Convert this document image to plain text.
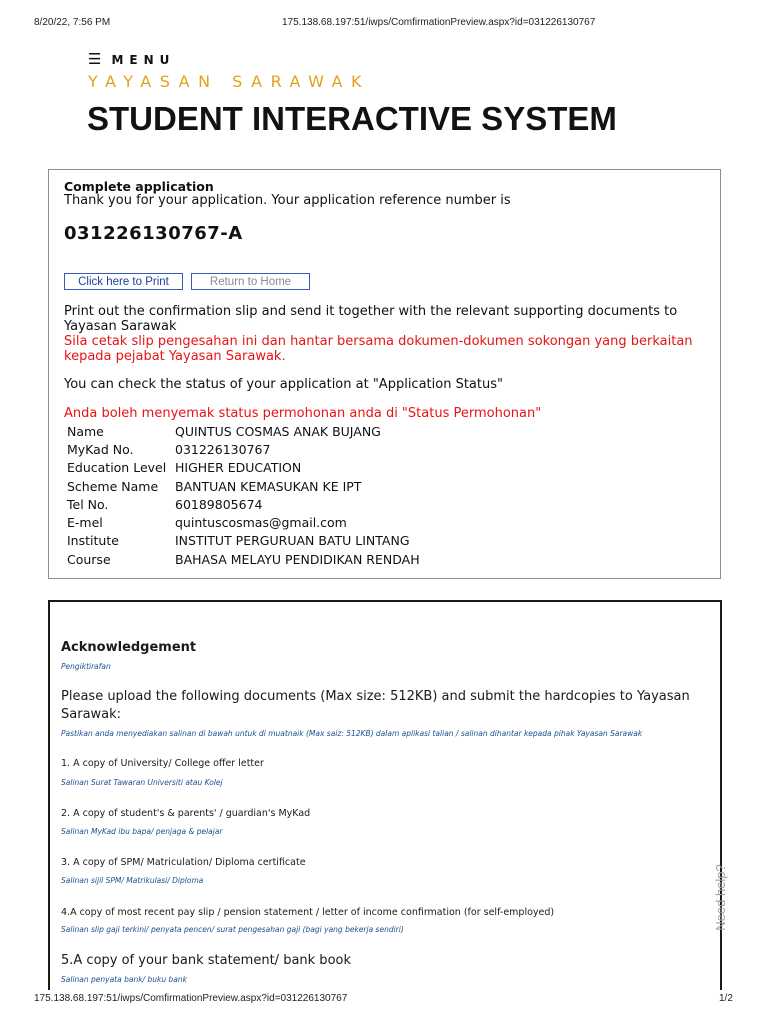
8/20/22, 7:56 PM	175.138.68.197:51/iwps/ComfirmationPreview.aspx?id=031226130767
☰ MENU
YAYASAN SARAWAK
STUDENT INTERACTIVE SYSTEM
Complete application
Thank you for your application. Your application reference number is
031226130767-A
Click here to Print	Return to Home
Print out the confirmation slip and send it together with the relevant supporting documents to Yayasan Sarawak
Sila cetak slip pengesahan ini dan hantar bersama dokumen-dokumen sokongan yang berkaitan kepada pejabat Yayasan Sarawak.
You can check the status of your application at "Application Status"
Anda boleh menyemak status permohonan anda di "Status Permohonan"
Name	QUINTUS COSMAS ANAK BUJANG
MyKad No.	031226130767
Education Level	HIGHER EDUCATION
Scheme Name	BANTUAN KEMASUKAN KE IPT
Tel No.	60189805674
E-mel	quintuscosmas@gmail.com
Institute	INSTITUT PERGURUAN BATU LINTANG
Course	BAHASA MELAYU PENDIDIKAN RENDAH
Acknowledgement
Pengiktirafan
Please upload the following documents (Max size: 512KB) and submit the hardcopies to Yayasan Sarawak:
Pastikan anda menyediakan salinan di bawah untuk di muatnaik (Max saiz: 512KB) dalam aplikasi talian / salinan dihantar kepada pihak Yayasan Sarawak
1. A copy of University/ College offer letter
Salinan Surat Tawaran Universiti atau Kolej
2. A copy of student's & parents' / guardian's MyKad
Salinan MyKad ibu bapa/ penjaga & pelajar
3. A copy of SPM/ Matriculation/ Diploma certificate
Salinan sijil SPM/ Matrikulasi/ Diploma
4.A copy of most recent pay slip / pension statement / letter of income confirmation (for self-employed)
Salinan slip gaji terkini/ penyata pencen/ surat pengesahan gaji (bagi yang bekerja sendiri)
5.A copy of your bank statement/ bank book
Salinan penyata bank/ buku bank
Need help?
175.138.68.197:51/iwps/ComfirmationPreview.aspx?id=031226130767	1/2
